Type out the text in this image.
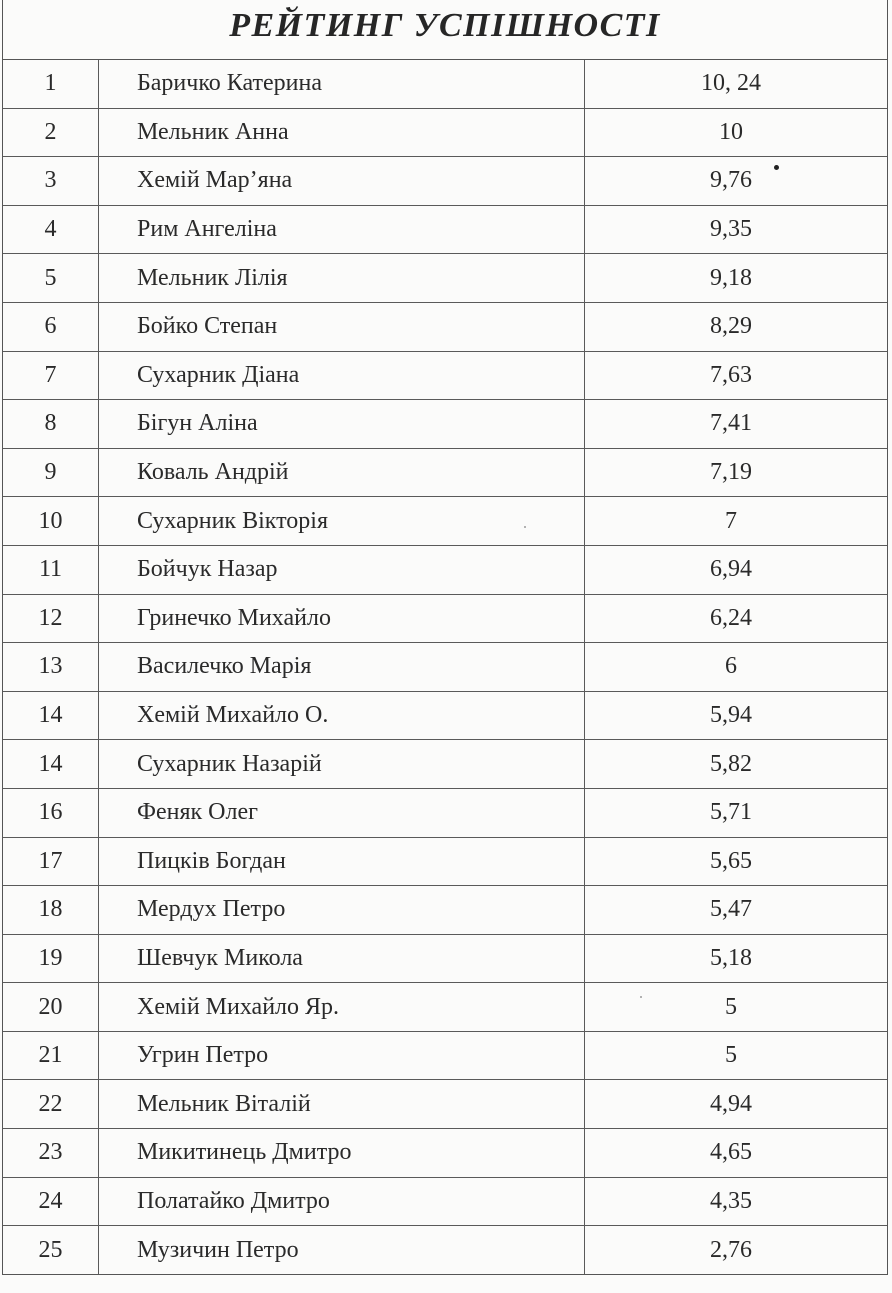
РЕЙТИНГ УСПІШНОСТІ
1	Баричко Катерина	10, 24
2	Мельник Анна	10
3	Хемій Мар’яна	9,76
4	Рим Ангеліна	9,35
5	Мельник Лілія	9,18
6	Бойко Степан	8,29
7	Сухарник Діана	7,63
8	Бігун Аліна	7,41
9	Коваль Андрій	7,19
10	Сухарник Вікторія	7
11	Бойчук Назар	6,94
12	Гринечко Михайло	6,24
13	Василечко Марія	6
14	Хемій Михайло О.	5,94
14	Сухарник Назарій	5,82
16	Феняк Олег	5,71
17	Пицків Богдан	5,65
18	Мердух Петро	5,47
19	Шевчук Микола	5,18
20	Хемій Михайло Яр.	5
21	Угрин Петро	5
22	Мельник Віталій	4,94
23	Микитинець Дмитро	4,65
24	Полатайко Дмитро	4,35
25	Музичин Петро	2,76
